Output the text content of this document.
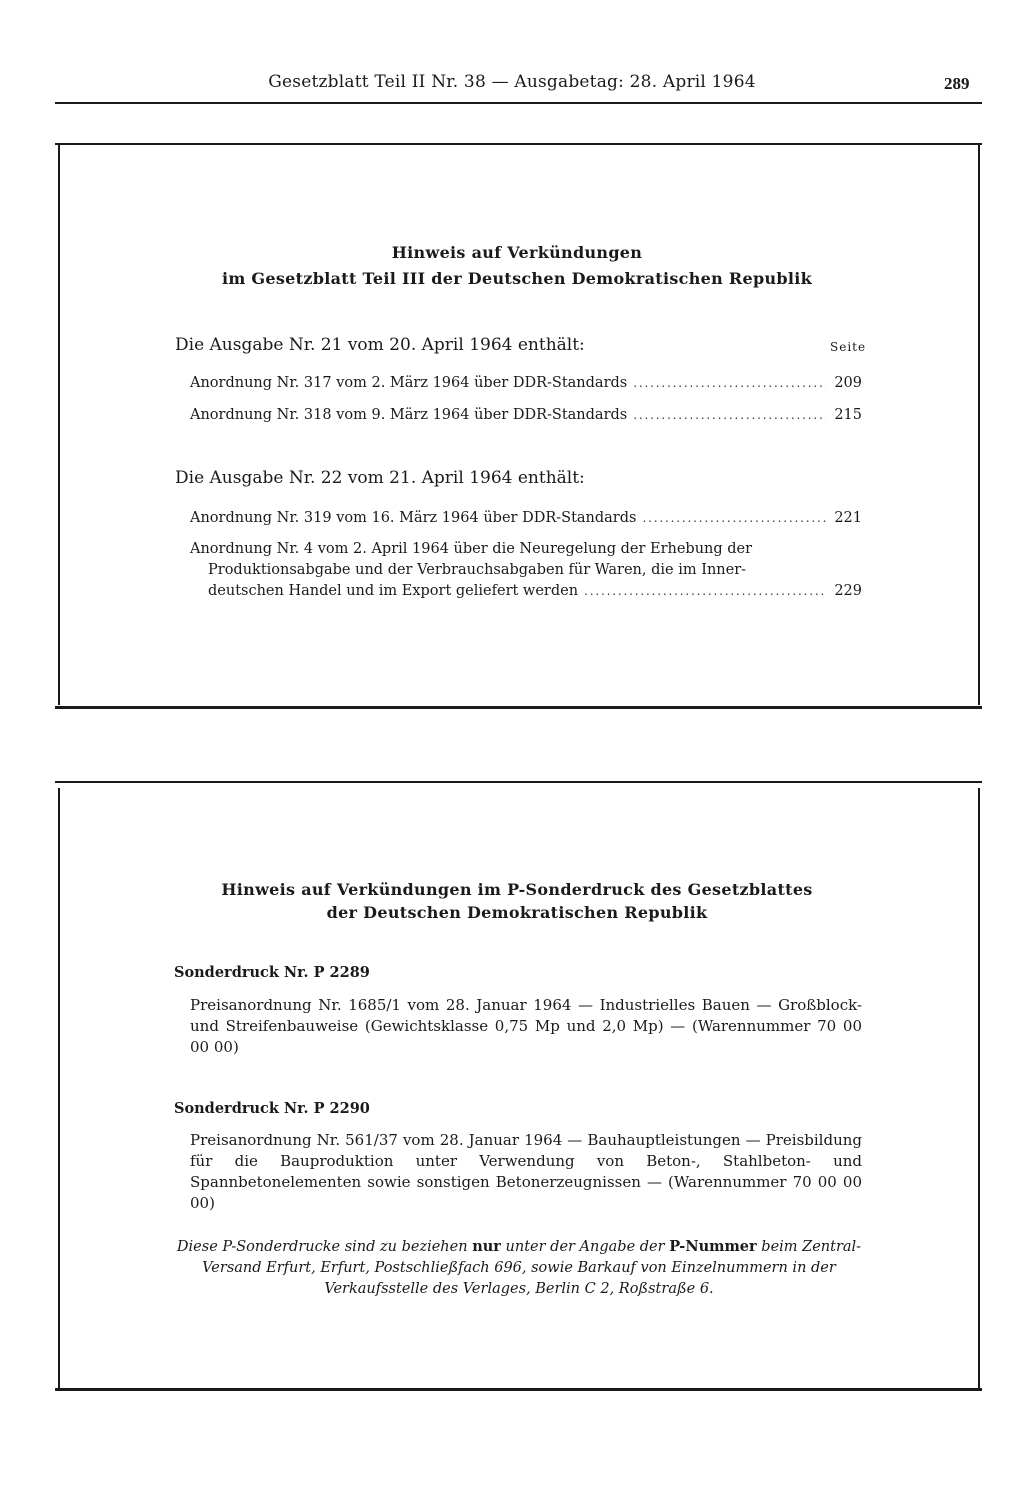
Gesetzblatt Teil II Nr. 38 — Ausgabetag: 28. April 1964	289
Hinweis auf Verkündungen
im Gesetzblatt Teil III der Deutschen Demokratischen Republik
Die Ausgabe Nr. 21 vom 20. April 1964 enthält:	Seite
Anordnung Nr. 317 vom 2. März 1964 über DDR-Standards . . .	209
Anordnung Nr. 318 vom 9. März 1964 über DDR-Standards . . .	215
Die Ausgabe Nr. 22 vom 21. April 1964 enthält:
Anordnung Nr. 319 vom 16. März 1964 über DDR-Standards . . .	221
Anordnung Nr. 4 vom 2. April 1964 über die Neuregelung der Erhebung der
Produktionsabgabe und der Verbrauchsabgaben für Waren, die im Inner-
deutschen Handel und im Export geliefert werden . . .	229
Hinweis auf Verkündungen im P-Sonderdruck des Gesetzblattes
der Deutschen Demokratischen Republik
Sonderdruck Nr. P 2289
Preisanordnung Nr. 1685/1 vom 28. Januar 1964 — Industrielles Bauen — Großblock- und Streifenbauweise (Gewichtsklasse 0,75 Mp und 2,0 Mp) — (Warennummer 70 00 00 00)
Sonderdruck Nr. P 2290
Preisanordnung Nr. 561/37 vom 28. Januar 1964 — Bauhauptleistungen — Preisbildung für die Bauproduktion unter Verwendung von Beton-, Stahlbeton- und Spannbetonelementen sowie sonstigen Betonerzeugnissen — (Warennummer 70 00 00 00)
Diese P-Sonderdrucke sind zu beziehen nur unter der Angabe der P-Nummer beim Zentral-Versand Erfurt, Erfurt, Postschließfach 696, sowie Barkauf von Einzelnummern in der Verkaufsstelle des Verlages, Berlin C 2, Roßstraße 6.
